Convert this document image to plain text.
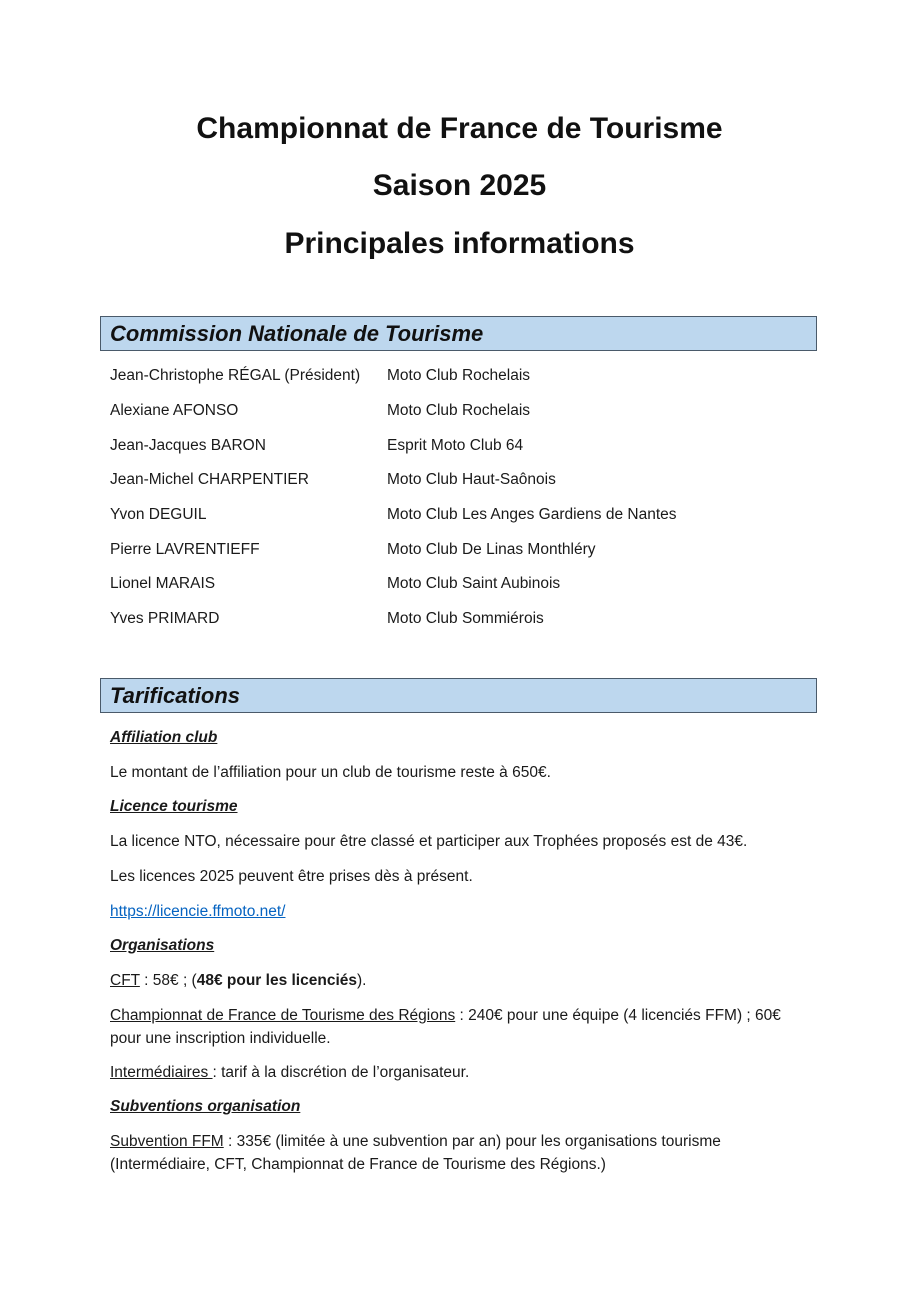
Championnat de France de Tourisme
Saison 2025
Principales informations
Commission Nationale de Tourisme
Jean-Christophe RÉGAL (Président) Moto Club Rochelais
Alexiane AFONSO	Moto Club Rochelais
Jean-Jacques BARON	Esprit Moto Club 64
Jean-Michel CHARPENTIER	Moto Club Haut-Saônois
Yvon DEGUIL	Moto Club Les Anges Gardiens de Nantes
Pierre LAVRENTIEFF	Moto Club De Linas Monthléry
Lionel MARAIS	Moto Club Saint Aubinois
Yves PRIMARD	Moto Club Sommiérois
Tarifications
Affiliation club
Le montant de l’affiliation pour un club de tourisme reste à 650€.
Licence tourisme
La licence NTO, nécessaire pour être classé et participer aux Trophées proposés est de 43€.
Les licences 2025 peuvent être prises dès à présent.
https://licencie.ffmoto.net/
Organisations
CFT : 58€ ; (48€ pour les licenciés).
Championnat de France de Tourisme des Régions : 240€ pour une équipe (4 licenciés FFM) ; 60€ pour une inscription individuelle.
Intermédiaires : tarif à la discrétion de l’organisateur.
Subventions organisation
Subvention FFM : 335€ (limitée à une subvention par an) pour les organisations tourisme (Intermédiaire, CFT, Championnat de France de Tourisme des Régions.)
